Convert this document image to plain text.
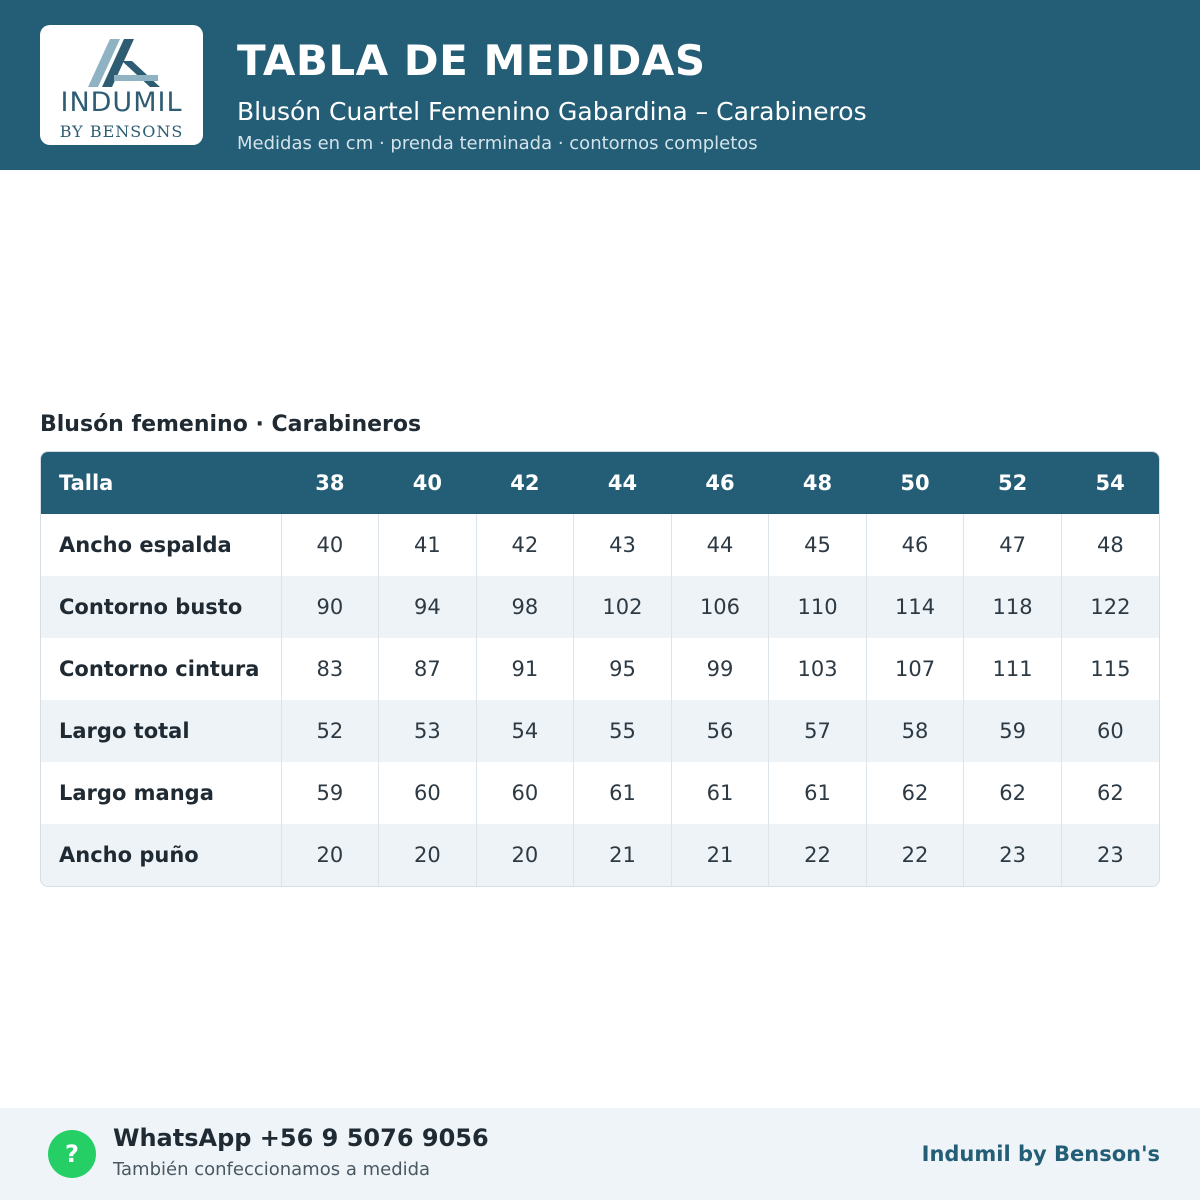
INDUMIL
BY BENSONS
TABLA DE MEDIDAS
Blusón Cuartel Femenino Gabardina – Carabineros
Medidas en cm · prenda terminada · contornos completos
Blusón femenino · Carabineros
Talla	38	40	42	44	46	48	50	52	54
Ancho espalda	40	41	42	43	44	45	46	47	48
Contorno busto	90	94	98	102	106	110	114	118	122
Contorno cintura	83	87	91	95	99	103	107	111	115
Largo total	52	53	54	55	56	57	58	59	60
Largo manga	59	60	60	61	61	61	62	62	62
Ancho puño	20	20	20	21	21	22	22	23	23
?
WhatsApp +56 9 5076 9056
También confeccionamos a medida
Indumil by Benson's
